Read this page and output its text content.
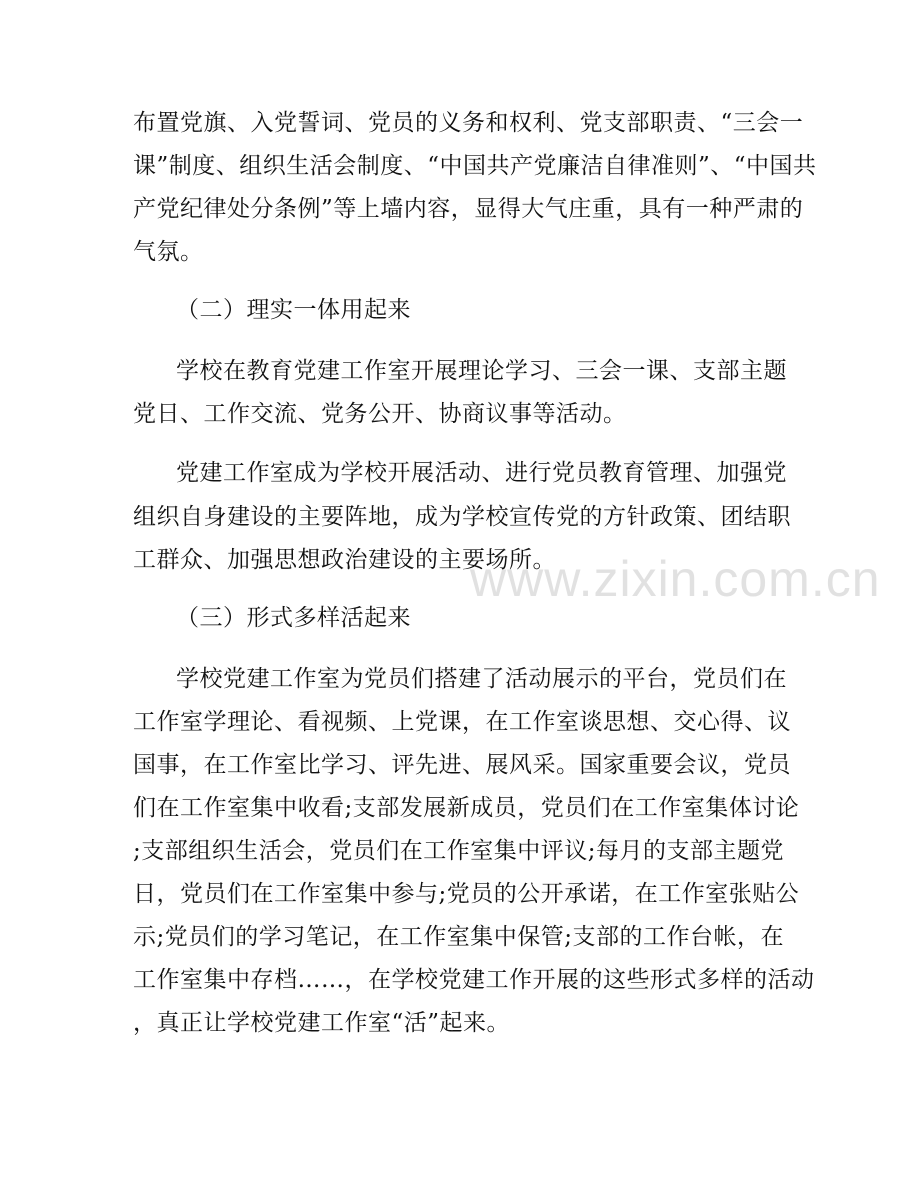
www.zixin.com.cn
布置党旗、入党誓词、党员的义务和权利、党支部职责、“三会一
课”制度、组织生活会制度、“中国共产党廉洁自律准则”、“中国共
产党纪律处分条例”等上墙内容，显得大气庄重，具有一种严肃的
气氛。
（二）理实一体用起来
学校在教育党建工作室开展理论学习、三会一课、支部主题
党日、工作交流、党务公开、协商议事等活动。
党建工作室成为学校开展活动、进行党员教育管理、加强党
组织自身建设的主要阵地，成为学校宣传党的方针政策、团结职
工群众、加强思想政治建设的主要场所。
（三）形式多样活起来
学校党建工作室为党员们搭建了活动展示的平台，党员们在
工作室学理论、看视频、上党课，在工作室谈思想、交心得、议
国事，在工作室比学习、评先进、展风采。国家重要会议，党员
们在工作室集中收看;支部发展新成员，党员们在工作室集体讨论
;支部组织生活会，党员们在工作室集中评议;每月的支部主题党
日，党员们在工作室集中参与;党员的公开承诺，在工作室张贴公
示;党员们的学习笔记，在工作室集中保管;支部的工作台帐，在
工作室集中存档……，在学校党建工作开展的这些形式多样的活动
，真正让学校党建工作室“活”起来。
